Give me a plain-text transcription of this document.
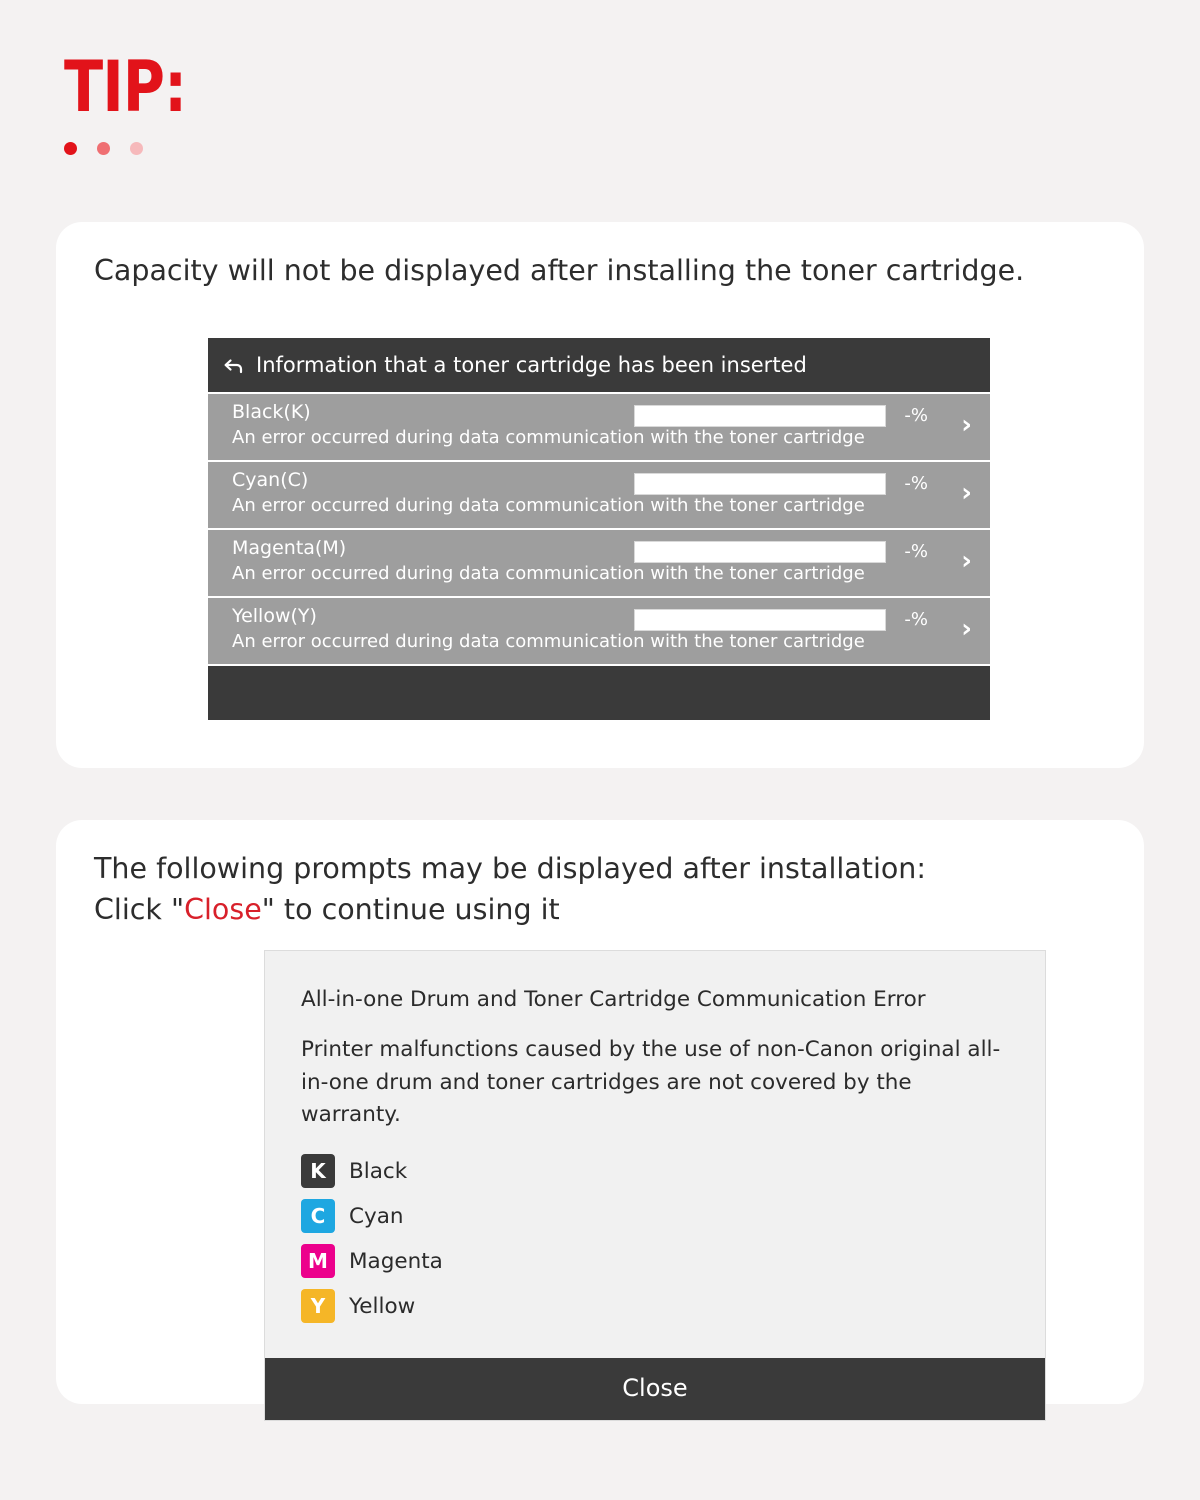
TIP:
Capacity will not be displayed after installing the toner cartridge.
Information that a toner cartridge has been inserted
Black(K)
An error occurred during data communication with the toner cartridge
-% ›
Cyan(C)
An error occurred during data communication with the toner cartridge
-% ›
Magenta(M)
An error occurred during data communication with the toner cartridge
-% ›
Yellow(Y)
An error occurred during data communication with the toner cartridge
-% ›
The following prompts may be displayed after installation:
Click "Close" to continue using it
All-in-one Drum and Toner Cartridge Communication Error
Printer malfunctions caused by the use of non-Canon original all-in-one drum and toner cartridges are not covered by the warranty.
K	Black
C	Cyan
M Magenta
Y	Yellow
Close
